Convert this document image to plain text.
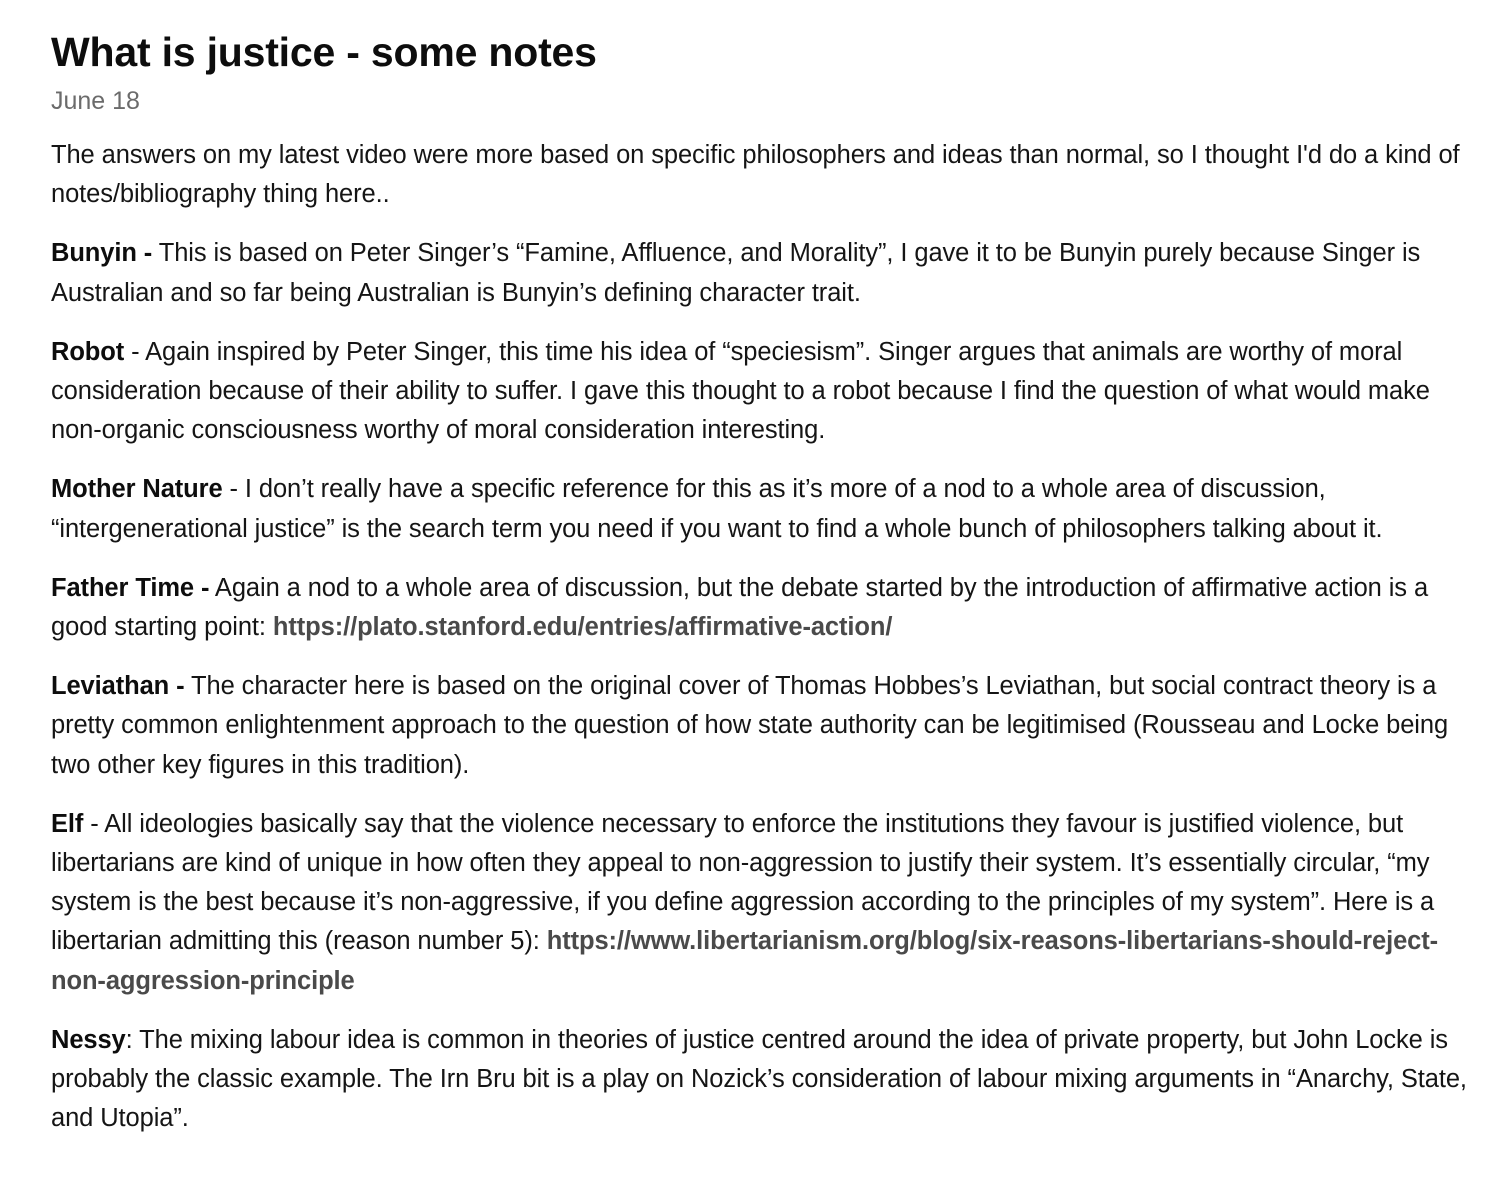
What is justice - some notes
June 18

The answers on my latest video were more based on specific philosophers and ideas than normal, so I thought I'd do a kind of notes/bibliography thing here..

Bunyin - This is based on Peter Singer’s “Famine, Affluence, and Morality”, I gave it to be Bunyin purely because Singer is Australian and so far being Australian is Bunyin’s defining character trait.

Robot - Again inspired by Peter Singer, this time his idea of “speciesism”. Singer argues that animals are worthy of moral consideration because of their ability to suffer. I gave this thought to a robot because I find the question of what would make non-organic consciousness worthy of moral consideration interesting.

Mother Nature - I don’t really have a specific reference for this as it’s more of a nod to a whole area of discussion, “intergenerational justice” is the search term you need if you want to find a whole bunch of philosophers talking about it.

Father Time - Again a nod to a whole area of discussion, but the debate started by the introduction of affirmative action is a good starting point: https://plato.stanford.edu/entries/affirmative-action/

Leviathan - The character here is based on the original cover of Thomas Hobbes’s Leviathan, but social contract theory is a pretty common enlightenment approach to the question of how state authority can be legitimised (Rousseau and Locke being two other key figures in this tradition).

Elf - All ideologies basically say that the violence necessary to enforce the institutions they favour is justified violence, but libertarians are kind of unique in how often they appeal to non-aggression to justify their system. It’s essentially circular, “my system is the best because it’s non-aggressive, if you define aggression according to the principles of my system”. Here is a libertarian admitting this (reason number 5): https://www.libertarianism.org/blog/six-reasons-libertarians-should-reject-non-aggression-principle

Nessy: The mixing labour idea is common in theories of justice centred around the idea of private property, but John Locke is probably the classic example. The Irn Bru bit is a play on Nozick’s consideration of labour mixing arguments in “Anarchy, State, and Utopia”.
